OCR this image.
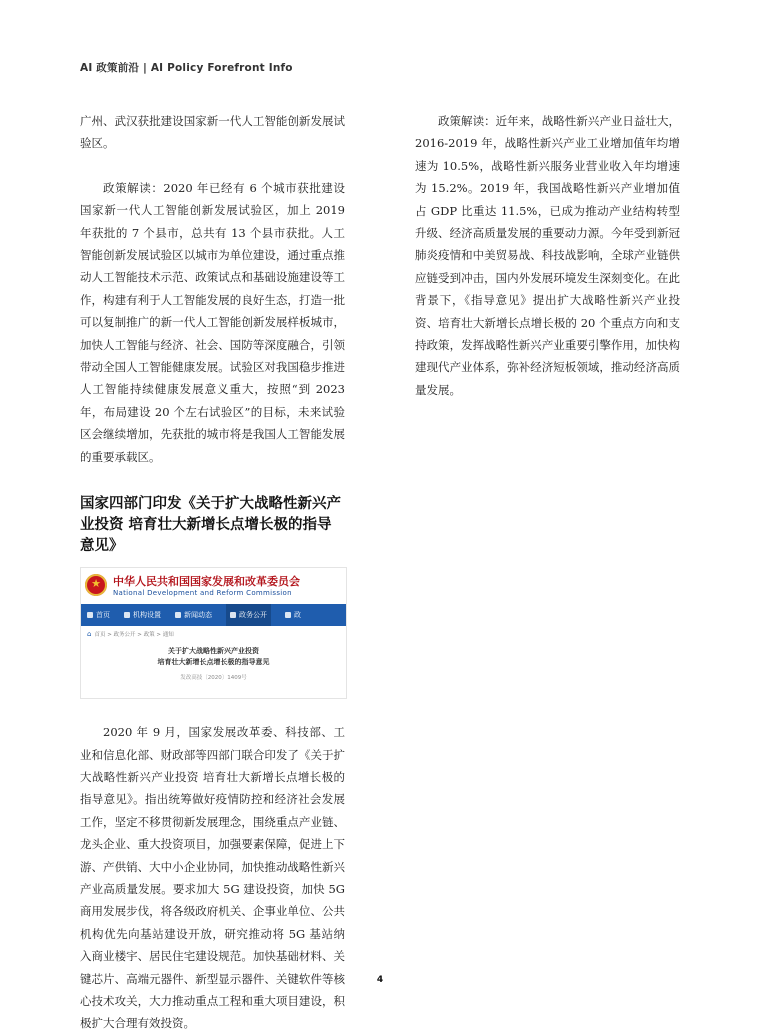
AI 政策前沿 | AI Policy Forefront Info

广州、武汉获批建设国家新一代人工智能创新发展试验区。

政策解读：2020 年已经有 6 个城市获批建设国家新一代人工智能创新发展试验区，加上 2019 年获批的 7 个县市，总共有 13 个县市获批。人工智能创新发展试验区以城市为单位建设，通过重点推动人工智能技术示范、政策试点和基础设施建设等工作，构建有利于人工智能发展的良好生态，打造一批可以复制推广的新一代人工智能创新发展样板城市，加快人工智能与经济、社会、国防等深度融合，引领带动全国人工智能健康发展。试验区对我国稳步推进人工智能持续健康发展意义重大，按照“到 2023 年，布局建设 20 个左右试验区”的目标，未来试验区会继续增加，先获批的城市将是我国人工智能发展的重要承载区。

国家四部门印发《关于扩大战略性新兴产业投资 培育壮大新增长点增长极的指导意见》
★
中华人民共和国国家发展和改革委员会
National Development and Reform Commission
首页	机构设置	新闻动态	政务公开	政
⌂ 首页 > 政务公开 > 政策 > 通知
关于扩大战略性新兴产业投资
培育壮大新增长点增长极的指导意见
发改高技〔2020〕1409号

2020 年 9 月，国家发展改革委、科技部、工业和信息化部、财政部等四部门联合印发了《关于扩大战略性新兴产业投资 培育壮大新增长点增长极的指导意见》。指出统筹做好疫情防控和经济社会发展工作，坚定不移贯彻新发展理念，围绕重点产业链、龙头企业、重大投资项目，加强要素保障，促进上下游、产供销、大中小企业协同，加快推动战略性新兴产业高质量发展。要求加大 5G 建设投资，加快 5G 商用发展步伐，将各级政府机关、企事业单位、公共机构优先向基站建设开放，研究推动将 5G 基站纳入商业楼宇、居民住宅建设规范。加快基础材料、关键芯片、高端元器件、新型显示器件、关键软件等核心技术攻关，大力推动重点工程和重大项目建设，积极扩大合理有效投资。

政策解读：近年来，战略性新兴产业日益壮大，2016-2019 年，战略性新兴产业工业增加值年均增速为 10.5%，战略性新兴服务业营业收入年均增速为 15.2%。2019 年，我国战略性新兴产业增加值占 GDP 比重达 11.5%，已成为推动产业结构转型升级、经济高质量发展的重要动力源。今年受到新冠肺炎疫情和中美贸易战、科技战影响，全球产业链供应链受到冲击，国内外发展环境发生深刻变化。在此背景下，《指导意见》提出扩大战略性新兴产业投资、培育壮大新增长点增长极的 20 个重点方向和支持政策，发挥战略性新兴产业重要引擎作用，加快构建现代产业体系，弥补经济短板领域，推动经济高质量发展。

4
